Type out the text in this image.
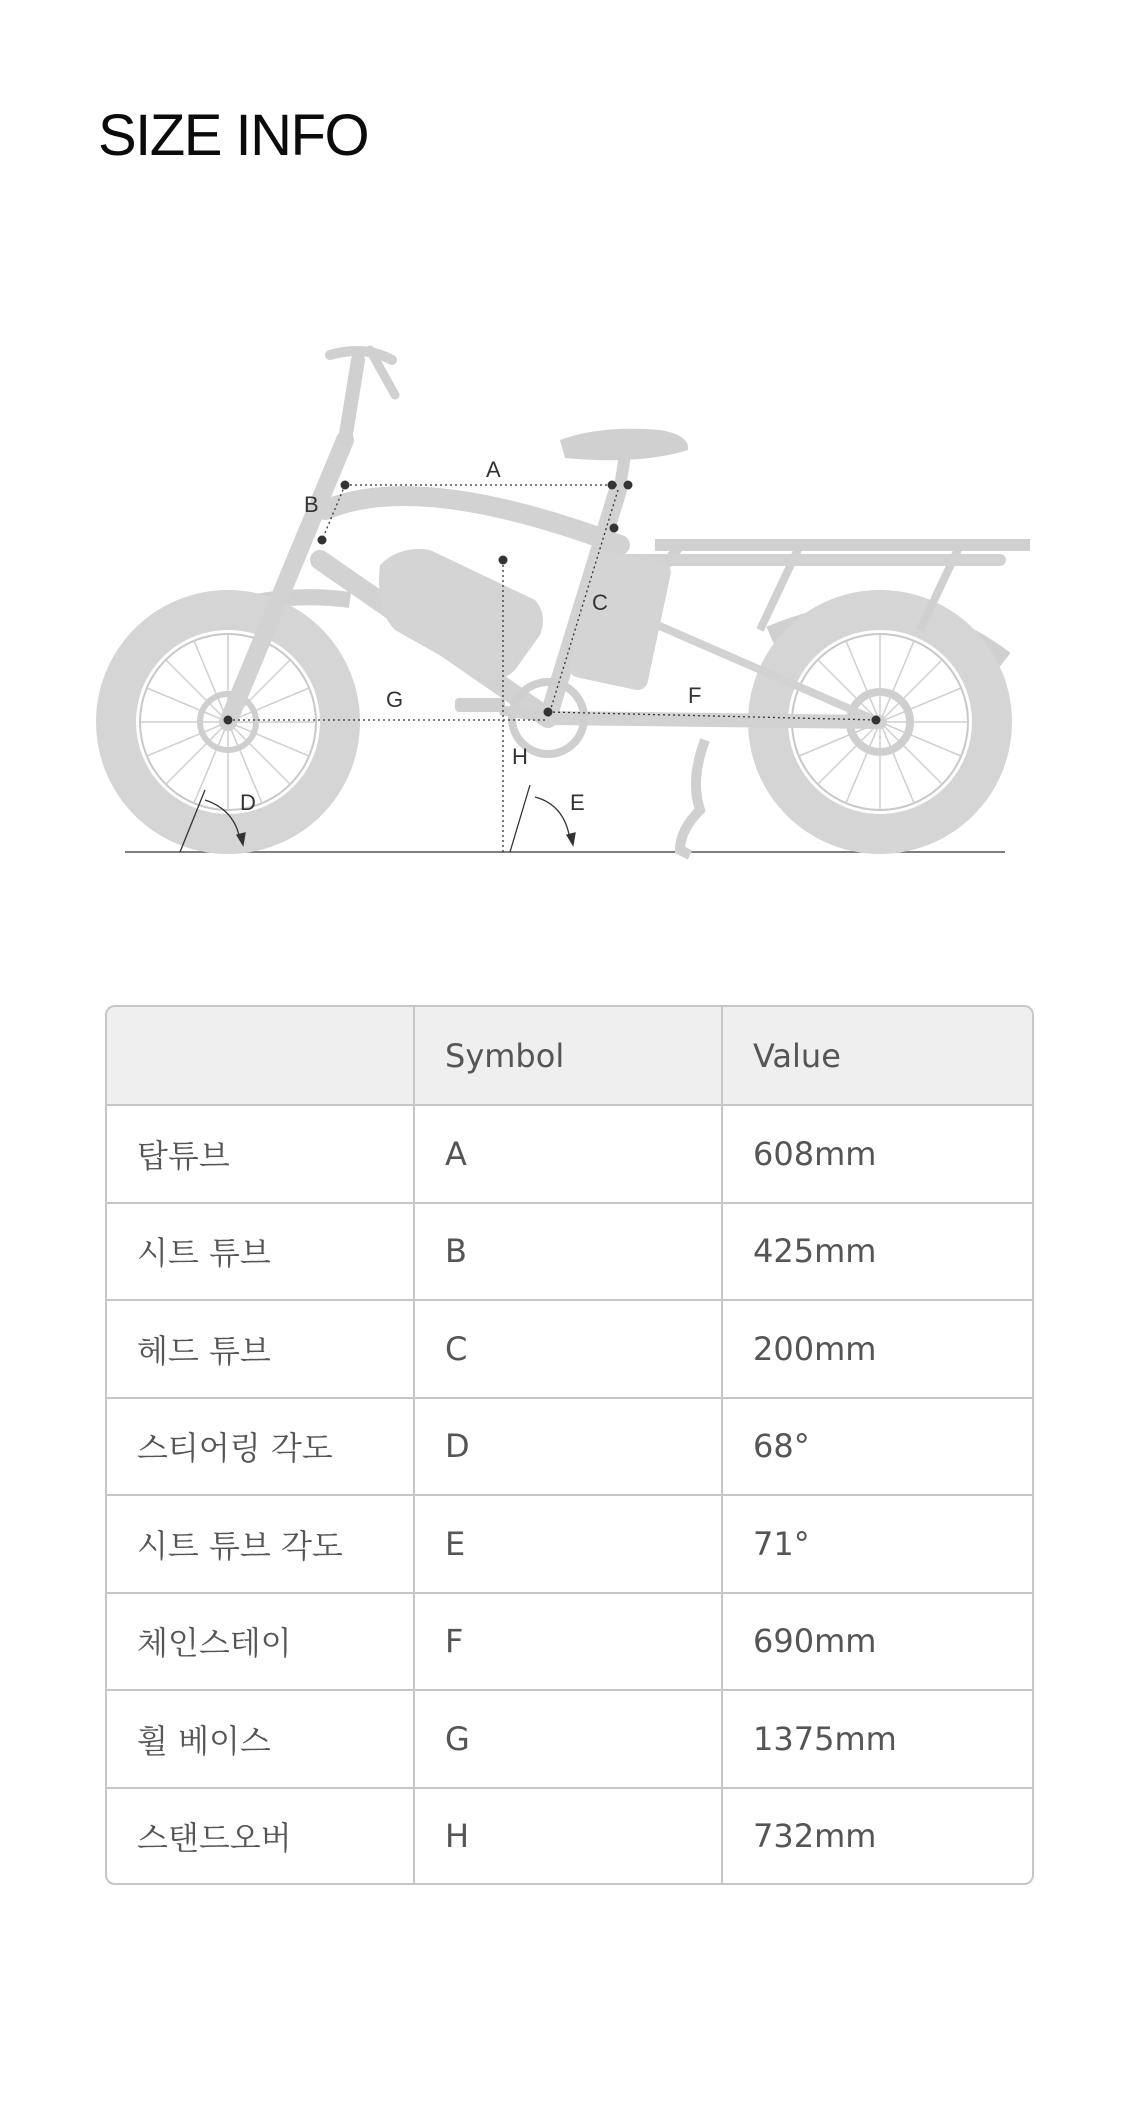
SIZE INFO
A
B
C
D	E
F
G
H
Symbol	Value
탑튜브	A	608mm
시트 튜브	B	425mm
헤드 튜브	C	200mm
스티어링 각도	D	68°
시트 튜브 각도	E	71°
체인스테이	F	690mm
휠 베이스	G	1375mm
스탠드오버	H	732mm
